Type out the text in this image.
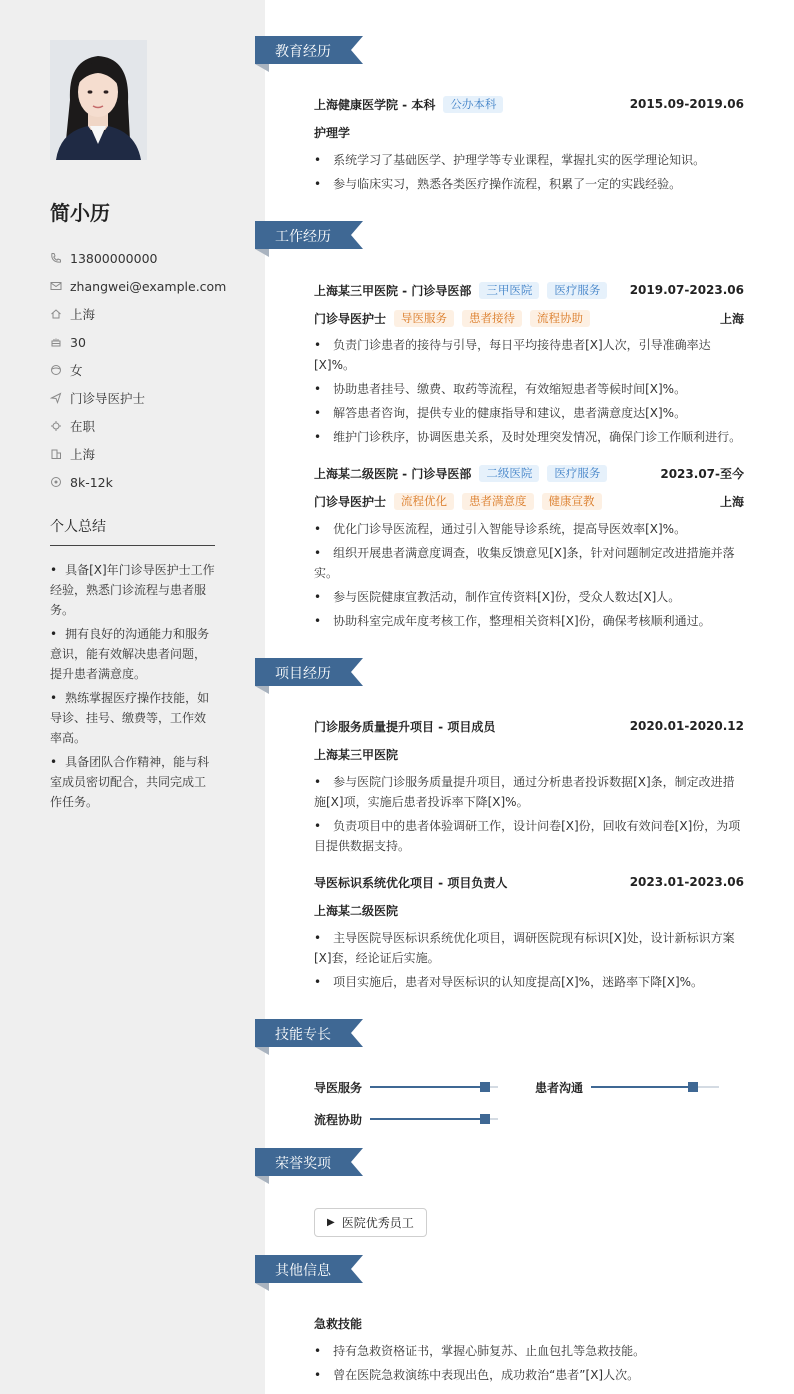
简小历
13800000000
zhangwei@example.com
上海
30
女
门诊导医护士
在职
上海
8k-12k
个人总结
• 具备[X]年门诊导医护士工作经验，熟悉门诊流程与患者服务。
• 拥有良好的沟通能力和服务意识，能有效解决患者问题，提升患者满意度。
• 熟练掌握医疗操作技能，如导诊、挂号、缴费等，工作效率高。
• 具备团队合作精神，能与科室成员密切配合，共同完成工作任务。
教育经历
上海健康医学院 - 本科	公办本科	2015.09-2019.06
护理学
• 系统学习了基础医学、护理学等专业课程，掌握扎实的医学理论知识。
• 参与临床实习，熟悉各类医疗操作流程，积累了一定的实践经验。
工作经历
上海某三甲医院 - 门诊导医部	三甲医院	医疗服务	2019.07-2023.06
门诊导医护士	导医服务	患者接待	流程协助	上海
• 负责门诊患者的接待与引导，每日平均接待患者[X]人次，引导准确率达[X]%。
• 协助患者挂号、缴费、取药等流程，有效缩短患者等候时间[X]%。
• 解答患者咨询，提供专业的健康指导和建议，患者满意度达[X]%。
• 维护门诊秩序，协调医患关系，及时处理突发情况，确保门诊工作顺利进行。
上海某二级医院 - 门诊导医部	二级医院	医疗服务	2023.07-至今
门诊导医护士	流程优化	患者满意度	健康宣教	上海
• 优化门诊导医流程，通过引入智能导诊系统，提高导医效率[X]%。
• 组织开展患者满意度调查，收集反馈意见[X]条，针对问题制定改进措施并落实。
• 参与医院健康宣教活动，制作宣传资料[X]份，受众人数达[X]人。
• 协助科室完成年度考核工作，整理相关资料[X]份，确保考核顺利通过。
项目经历
门诊服务质量提升项目 - 项目成员	2020.01-2020.12
上海某三甲医院
• 参与医院门诊服务质量提升项目，通过分析患者投诉数据[X]条，制定改进措施[X]项，实施后患者投诉率下降[X]%。
• 负责项目中的患者体验调研工作，设计问卷[X]份，回收有效问卷[X]份，为项目提供数据支持。
导医标识系统优化项目 - 项目负责人	2023.01-2023.06
上海某二级医院
• 主导医院导医标识系统优化项目，调研医院现有标识[X]处，设计新标识方案[X]套，经论证后实施。
• 项目实施后，患者对导医标识的认知度提高[X]%，迷路率下降[X]%。
技能专长
导医服务	患者沟通
流程协助
荣誉奖项
▶ 医院优秀员工
其他信息
急救技能
• 持有急救资格证书，掌握心肺复苏、止血包扎等急救技能。
• 曾在医院急救演练中表现出色，成功救治“患者”[X]人次。
